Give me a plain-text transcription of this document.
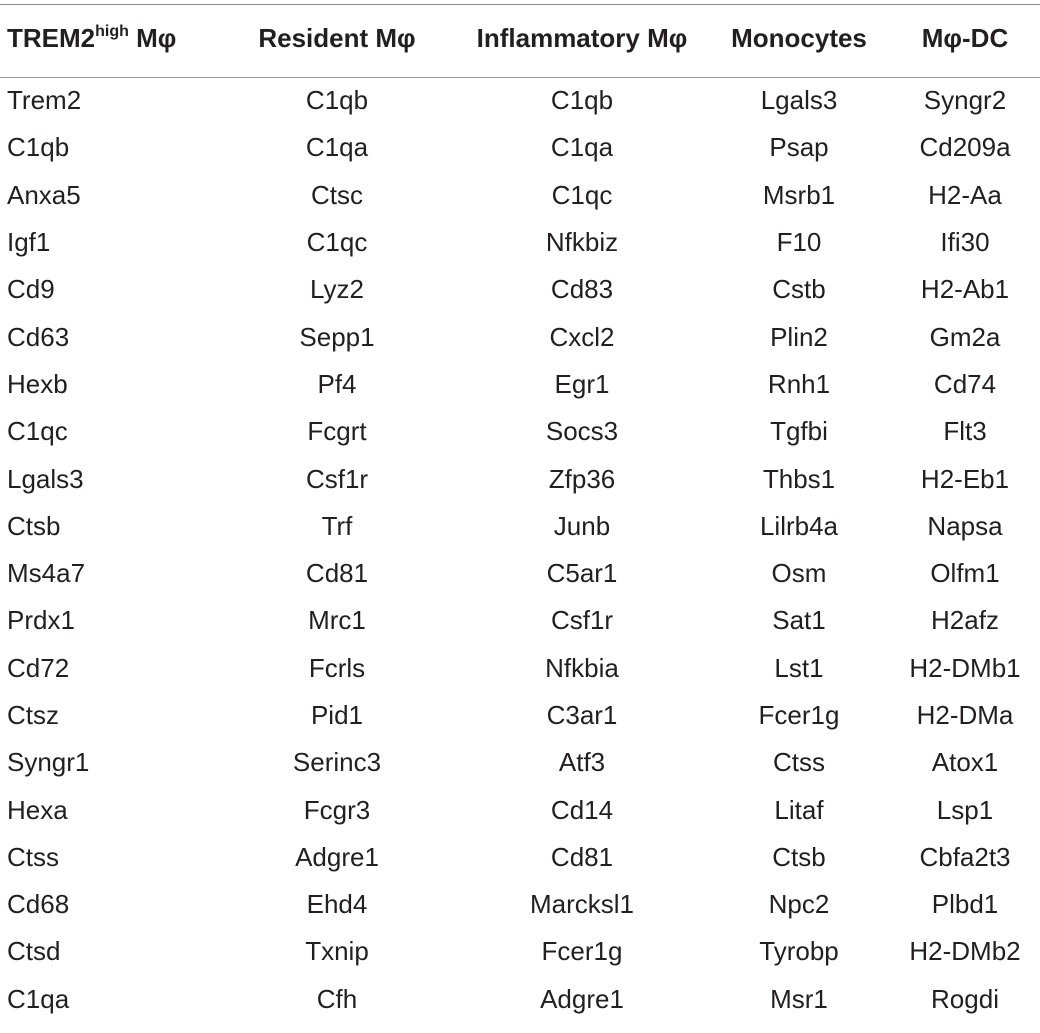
$TREM2^{high}$ Mφ	Resident Mφ	Inflammatory Mφ	Monocytes	Mφ-DC
Trem2	C1qb	C1qb	Lgals3	Syngr2
C1qb	C1qa	C1qa	Psap	Cd209a
Anxa5	Ctsc	C1qc	Msrb1	H2-Aa
Igf1	C1qc	Nfkbiz	F10	Ifi30
Cd9	Lyz2	Cd83	Cstb	H2-Ab1
Cd63	Sepp1	Cxcl2	Plin2	Gm2a
Hexb	Pf4	Egr1	Rnh1	Cd74
C1qc	Fcgrt	Socs3	Tgfbi	Flt3
Lgals3	Csf1r	Zfp36	Thbs1	H2-Eb1
Ctsb	Trf	Junb	Lilrb4a	Napsa
Ms4a7	Cd81	C5ar1	Osm	Olfm1
Prdx1	Mrc1	Csf1r	Sat1	H2afz
Cd72	Fcrls	Nfkbia	Lst1	H2-DMb1
Ctsz	Pid1	C3ar1	Fcer1g	H2-DMa
Syngr1	Serinc3	Atf3	Ctss	Atox1
Hexa	Fcgr3	Cd14	Litaf	Lsp1
Ctss	Adgre1	Cd81	Ctsb	Cbfa2t3
Cd68	Ehd4	Marcksl1	Npc2	Plbd1
Ctsd	Txnip	Fcer1g	Tyrobp	H2-DMb2
C1qa	Cfh	Adgre1	Msr1	Rogdi
